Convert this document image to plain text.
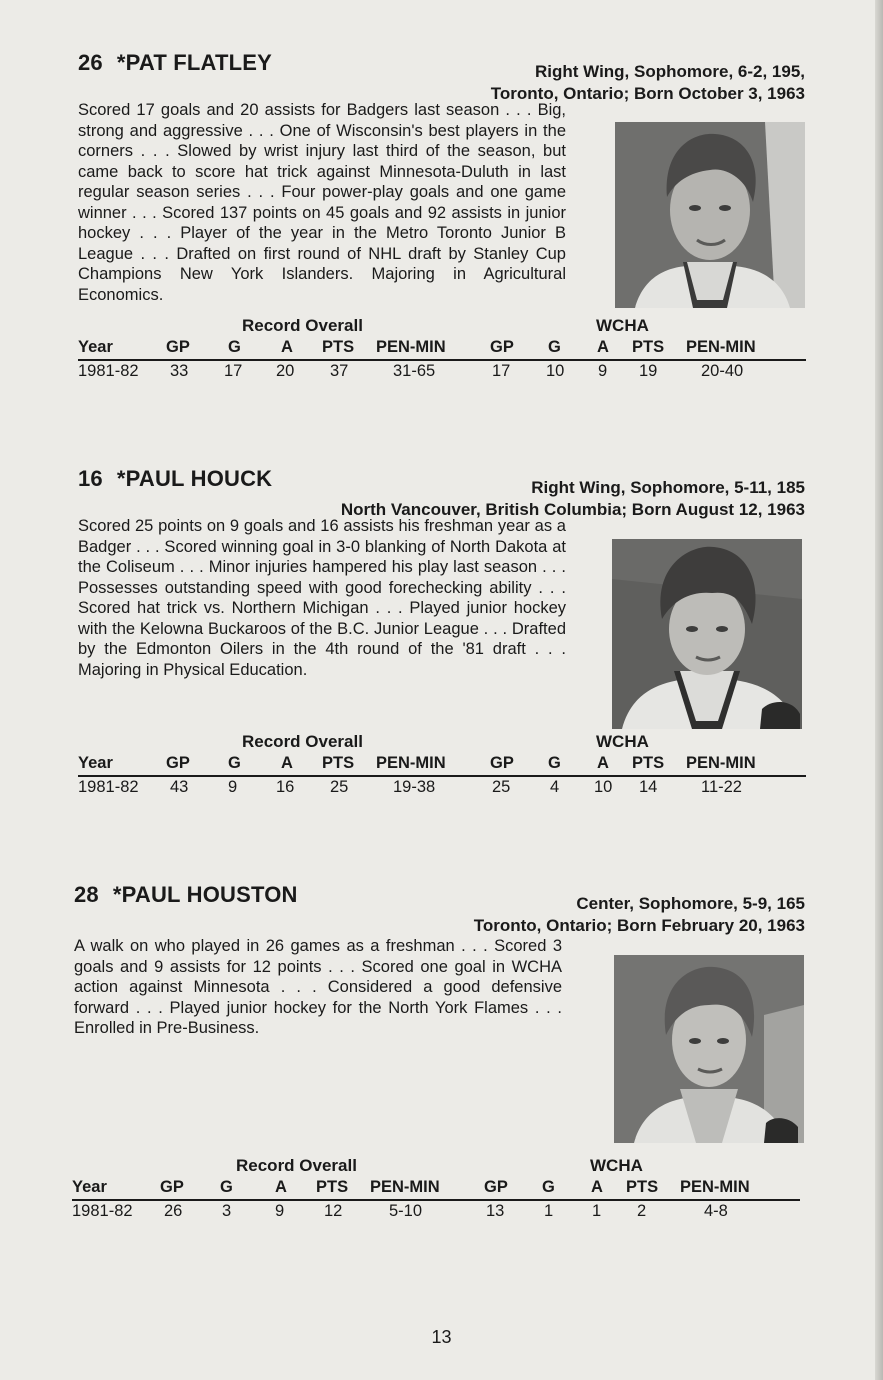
26 *PAT FLATLEY	Right Wing, Sophomore, 6-2, 195,
Toronto, Ontario; Born October 3, 1963
Scored 17 goals and 20 assists for Badgers last season . . . Big, strong and aggressive . . . One of Wisconsin's best players in the corners . . . Slowed by wrist injury last third of the season, but came back to score hat trick against Minnesota-Duluth in last regular season series . . . Four power-play goals and one game winner . . . Scored 137 points on 45 goals and 92 assists in junior hockey . . . Player of the year in the Metro Toronto Junior B League . . . Drafted on first round of NHL draft by Stanley Cup Champions New York Islanders. Majoring in Agricultural Economics.
Record Overall	WCHA
Year	GP G A PTS PEN-MIN	GP G A PTS PEN-MIN
1981-82 33 17 20 37	31-65	17 10 9 19	20-40
16 *PAUL HOUCK	Right Wing, Sophomore, 5-11, 185
North Vancouver, British Columbia; Born August 12, 1963
Scored 25 points on 9 goals and 16 assists his freshman year as a Badger . . . Scored winning goal in 3-0 blanking of North Dakota at the Coliseum . . . Minor injuries hampered his play last season . . . Possesses outstanding speed with good forechecking ability . . . Scored hat trick vs. Northern Michigan . . . Played junior hockey with the Kelowna Buckaroos of the B.C. Junior League . . . Drafted by the Edmonton Oilers in the 4th round of the '81 draft . . . Majoring in Physical Education.
Record Overall	WCHA
Year	GP G A PTS PEN-MIN	GP G A PTS PEN-MIN
1981-82 43 9 16 25	19-38	25 4 10 14	11-22
28 *PAUL HOUSTON	Center, Sophomore, 5-9, 165
Toronto, Ontario; Born February 20, 1963
A walk on who played in 26 games as a freshman . . . Scored 3 goals and 9 assists for 12 points . . . Scored one goal in WCHA action against Minnesota . . . Considered a good defensive forward . . . Played junior hockey for the North York Flames . . . Enrolled in Pre-Business.
Record Overall	WCHA
Year	GP G	A PTS PEN-MIN	GP G A PTS PEN-MIN
1981-82 26 3	9 12	5-10	13 1 1 2	4-8
13
